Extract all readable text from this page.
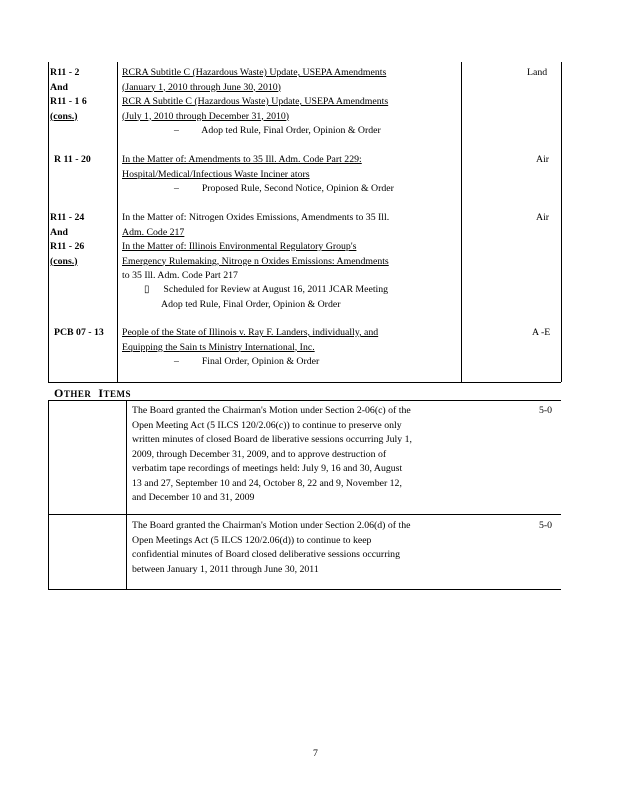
R11 - 2
And
R11 - 1 6
(cons.)
RCRA Subtitle C (Hazardous Waste) Update, USEPA Amendments
(January 1, 2010 through June 30, 2010)
RCR A Subtitle C (Hazardous Waste) Update, USEPA Amendments
(July 1, 2010 through December 31, 2010)
– Adop ted Rule, Final Order, Opinion & Order
Land
R 11 - 20	In the Matter of: Amendments to 35 Ill. Adm. Code Part 229:
Hospital/Medical/Infectious Waste Inciner ators
– Proposed Rule, Second Notice, Opinion & Order
Air
R11 - 24
And
R11 - 26
(cons.)
In the Matter of: Nitrogen Oxides Emissions, Amendments to 35 Ill.
Adm. Code 217
In the Matter of: Illinois Environmental Regulatory Group's
Emergency Rulemaking, Nitroge n Oxides Emissions: Amendments
to 35 Ill. Adm. Code Part 217
▯ Scheduled for Review at August 16, 2011 JCAR Meeting
Adop ted Rule, Final Order, Opinion & Order
Air
PCB 07 - 13 People of the State of Illinois v. Ray F. Landers, individually, and
Equipping the Sain ts Ministry International, Inc.
– Final Order, Opinion & Order
A -E
OTHER ITEMS
The Board granted the Chairman's Motion under Section 2-06(c) of the
Open Meeting Act (5 ILCS 120/2.06(c)) to continue to preserve only
written minutes of closed Board de liberative sessions occurring July 1,
2009, through December 31, 2009, and to approve destruction of
verbatim tape recordings of meetings held: July 9, 16 and 30, August
13 and 27, September 10 and 24, October 8, 22 and 9, November 12,
and December 10 and 31, 2009
5-0
The Board granted the Chairman's Motion under Section 2.06(d) of the
Open Meetings Act (5 ILCS 120/2.06(d)) to continue to keep
confidential minutes of Board closed deliberative sessions occurring
between January 1, 2011 through June 30, 2011
5-0
7
